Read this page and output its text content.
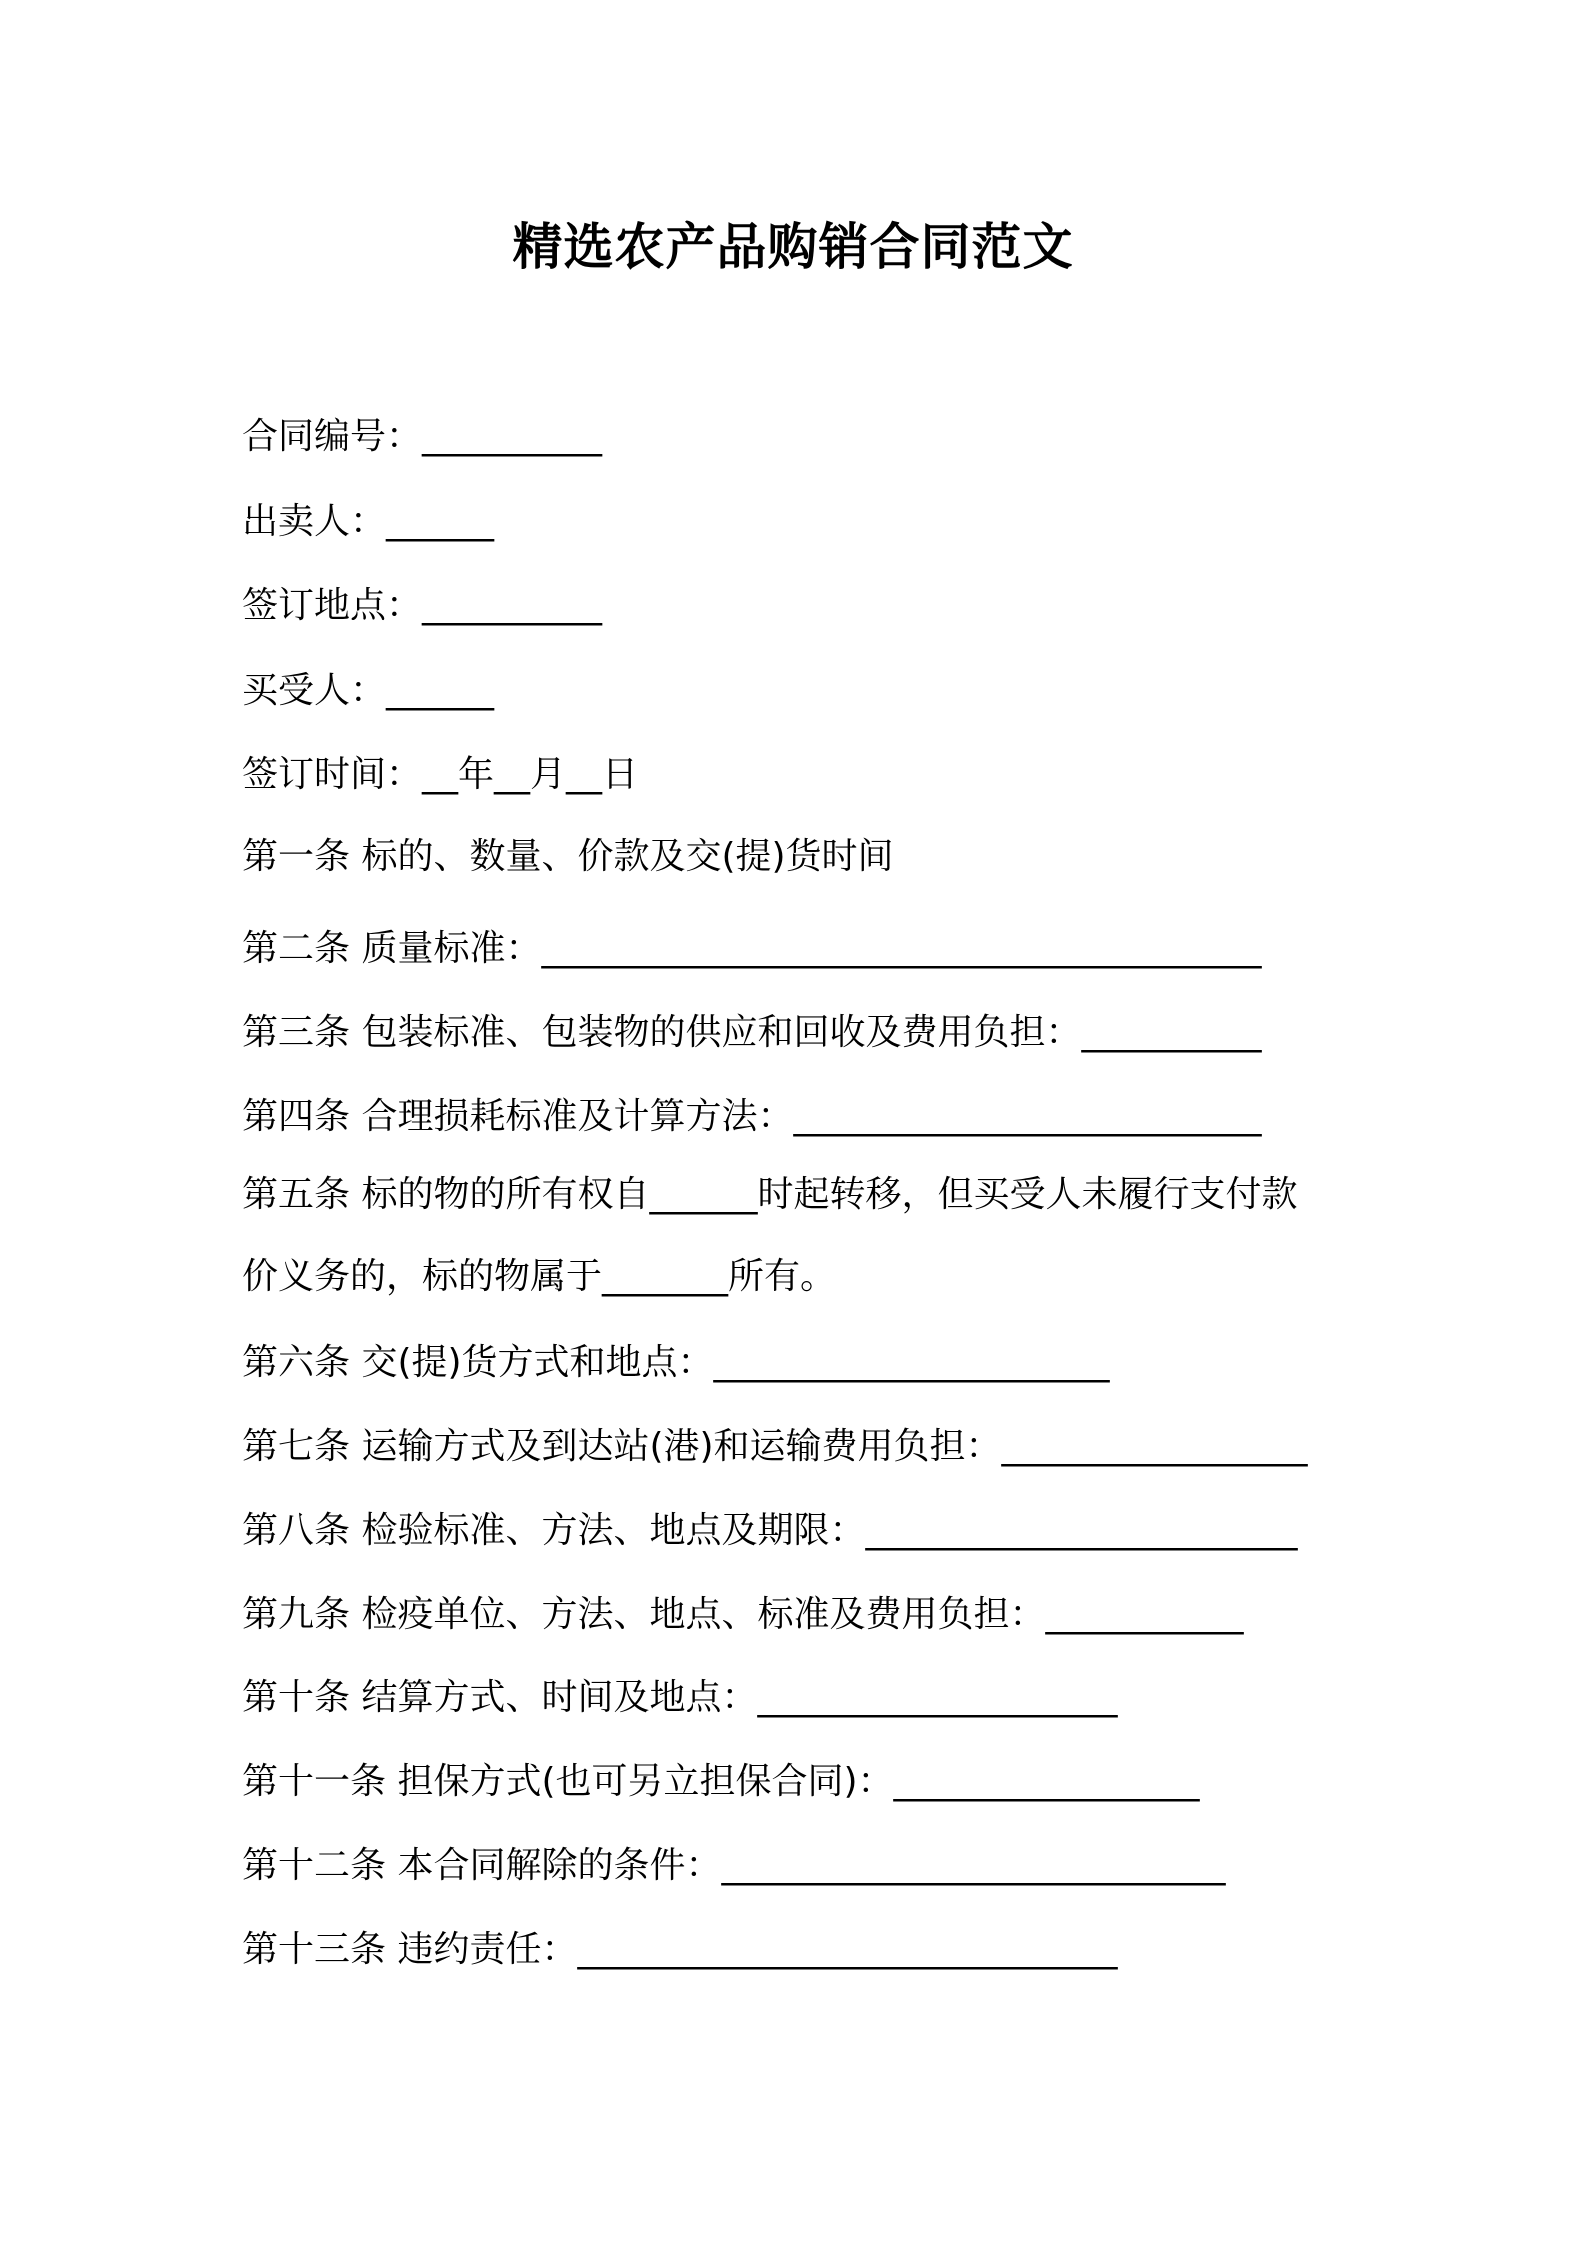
精选农产品购销合同范文
合同编号：__________
出卖人：______
签订地点：__________
买受人：______
签订时间：__年__月__日
第一条 标的、数量、价款及交(提)货时间
第二条 质量标准：________________________________________
第三条 包装标准、包装物的供应和回收及费用负担：__________
第四条 合理损耗标准及计算方法：__________________________
第五条 标的物的所有权自______时起转移，但买受人未履行支付款
价义务的，标的物属于_______所有。
第六条 交(提)货方式和地点：______________________
第七条 运输方式及到达站(港)和运输费用负担：_________________
第八条 检验标准、方法、地点及期限：________________________
第九条 检疫单位、方法、地点、标准及费用负担：___________
第十条 结算方式、时间及地点：____________________
第十一条 担保方式(也可另立担保合同)：_________________
第十二条 本合同解除的条件：____________________________
第十三条 违约责任：______________________________
